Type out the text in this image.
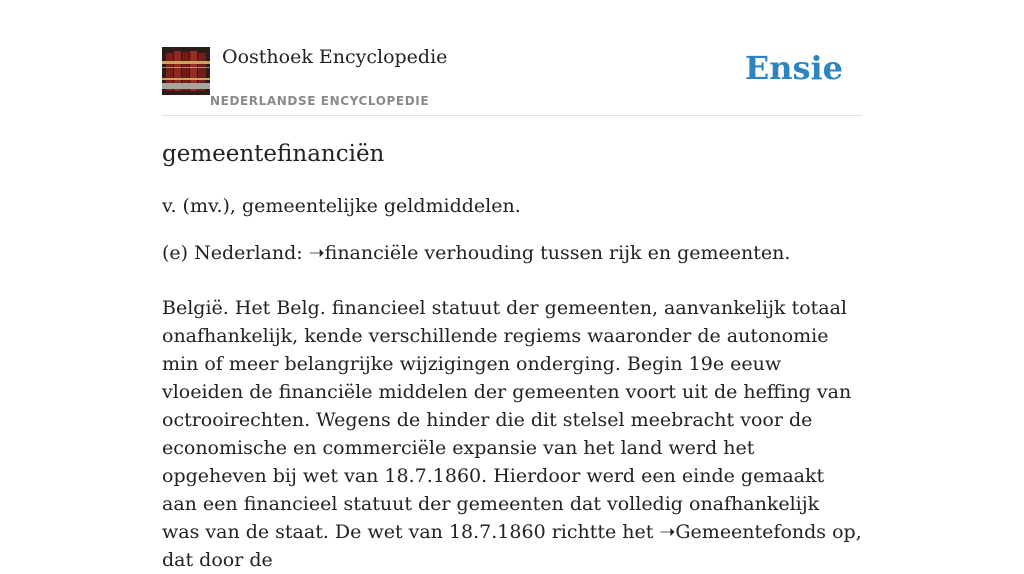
Oosthoek Encyclopedie
NEDERLANDSE ENCYCLOPEDIE
Ensie
gemeentefinanciën

v. (mv.), gemeentelijke geldmiddelen.

(e) Nederland: ➝financiële verhouding tussen rijk en gemeenten.

België. Het Belg. financieel statuut der gemeenten, aanvankelijk totaal onafhankelijk, kende verschillende regiems waaronder de autonomie min of meer belangrijke wijzigingen onderging. Begin 19e eeuw vloeiden de financiële middelen der gemeenten voort uit de heffing van octrooirechten. Wegens de hinder die dit stelsel meebracht voor de economische en commerciële expansie van het land werd het opgeheven bij wet van 18.7.1860. Hierdoor werd een einde gemaakt aan een financieel statuut der gemeenten dat volledig onafhankelijk was van de staat. De wet van 18.7.1860 richtte het ➝Gemeentefonds op, dat door de
